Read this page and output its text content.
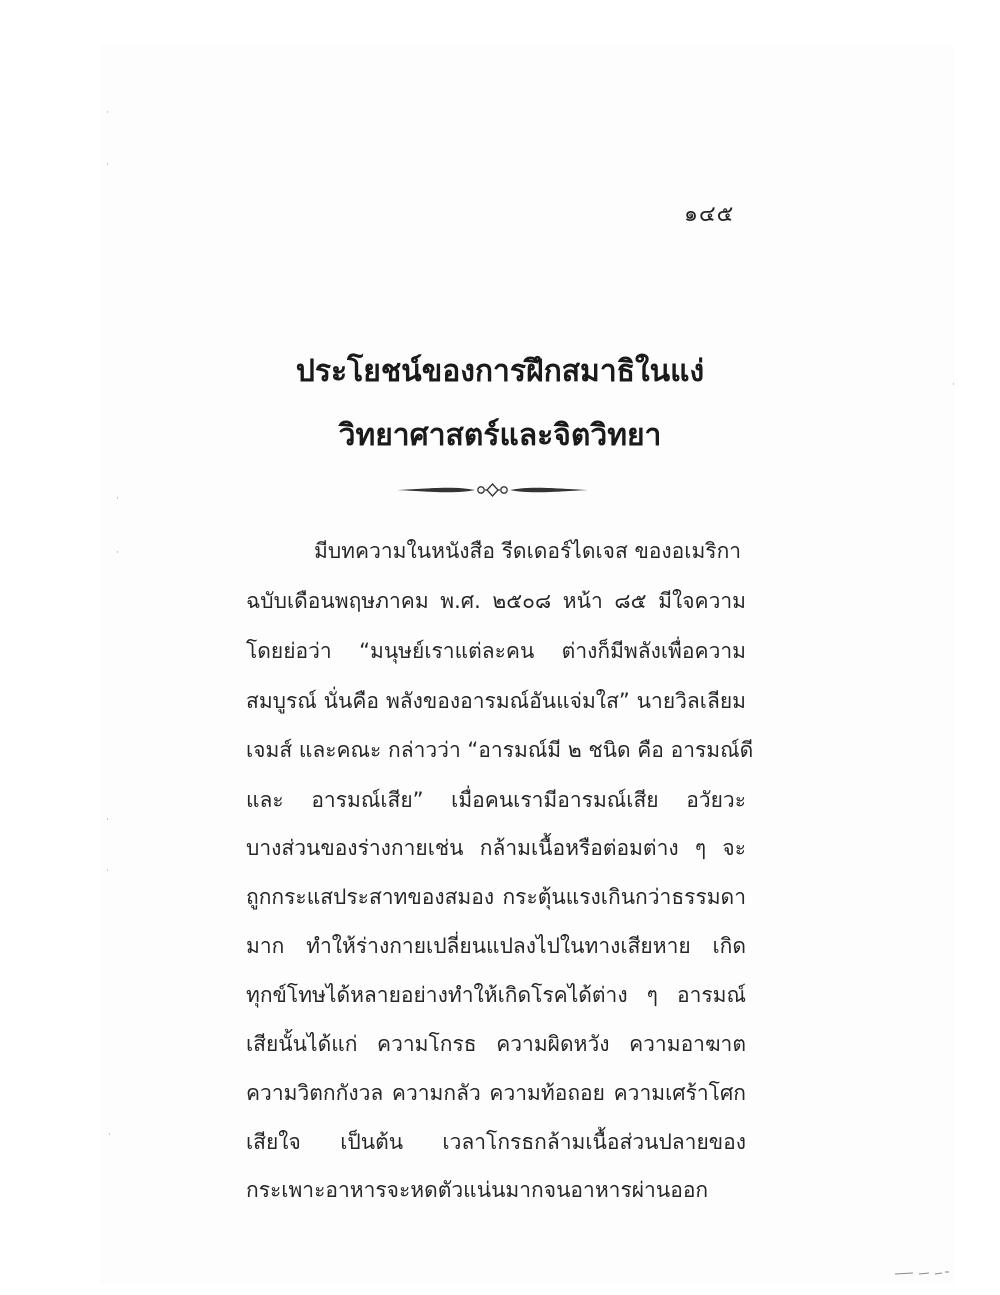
๑๔๕
ประโยชน์ของการฝึกสมาธิในแง่
วิทยาศาสตร์และจิตวิทยา
มีบทความในหนังสือ รีดเดอร์ไดเจส ของอเมริกา
ฉบับเดือนพฤษภาคม พ.ศ. ๒๕๐๘ หน้า ๘๕ มีใจความ
โดยย่อว่า “มนุษย์เราแต่ละคน ต่างก็มีพลังเพื่อความ
สมบูรณ์ นั่นคือ พลังของอารมณ์อันแจ่มใส” นายวิลเลียม
เจมส์ และคณะ กล่าวว่า “อารมณ์มี ๒ ชนิด คือ อารมณ์ดี
และ อารมณ์เสีย” เมื่อคนเรามีอารมณ์เสีย อวัยวะ
บางส่วนของร่างกายเช่น กล้ามเนื้อหรือต่อมต่าง ๆ จะ
ถูกกระแสประสาทของสมอง กระตุ้นแรงเกินกว่าธรรมดา
มาก ทำให้ร่างกายเปลี่ยนแปลงไปในทางเสียหาย เกิด
ทุกข์โทษได้หลายอย่างทำให้เกิดโรคได้ต่าง ๆ อารมณ์
เสียนั้นได้แก่ ความโกรธ ความผิดหวัง ความอาฆาต
ความวิตกกังวล ความกลัว ความท้อถอย ความเศร้าโศก
เสียใจ เป็นต้น เวลาโกรธกล้ามเนื้อส่วนปลายของ
กระเพาะอาหารจะหดตัวแน่นมากจนอาหารผ่านออก
·
·
·
·
·
·
·
·
